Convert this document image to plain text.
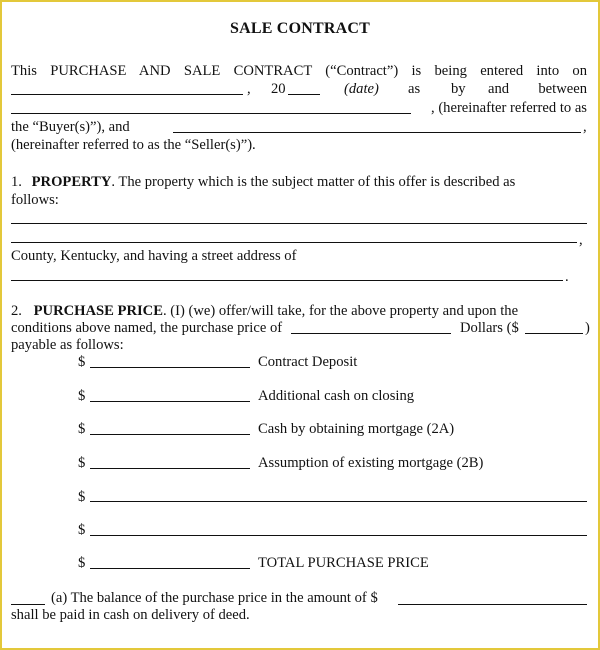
SALE CONTRACT
This PURCHASE AND SALE CONTRACT (“Contract”) is being entered into on
, 20	(date) as by and between
, (hereinafter referred to as
the “Buyer(s)”), and	,
(hereinafter referred to as the “Seller(s)”).
1. PROPERTY. The property which is the subject matter of this offer is described as
follows:
,
County, Kentucky, and having a street address of
.
2. PURCHASE PRICE. (I) (we) offer/will take, for the above property and upon the
conditions above named, the purchase price of	Dollars ($	)
payable as follows:
$	Contract Deposit
$	Additional cash on closing
$	Cash by obtaining mortgage (2A)
$	Assumption of existing mortgage (2B)
$
$
$	TOTAL PURCHASE PRICE
(a) The balance of the purchase price in the amount of $
shall be paid in cash on delivery of deed.
